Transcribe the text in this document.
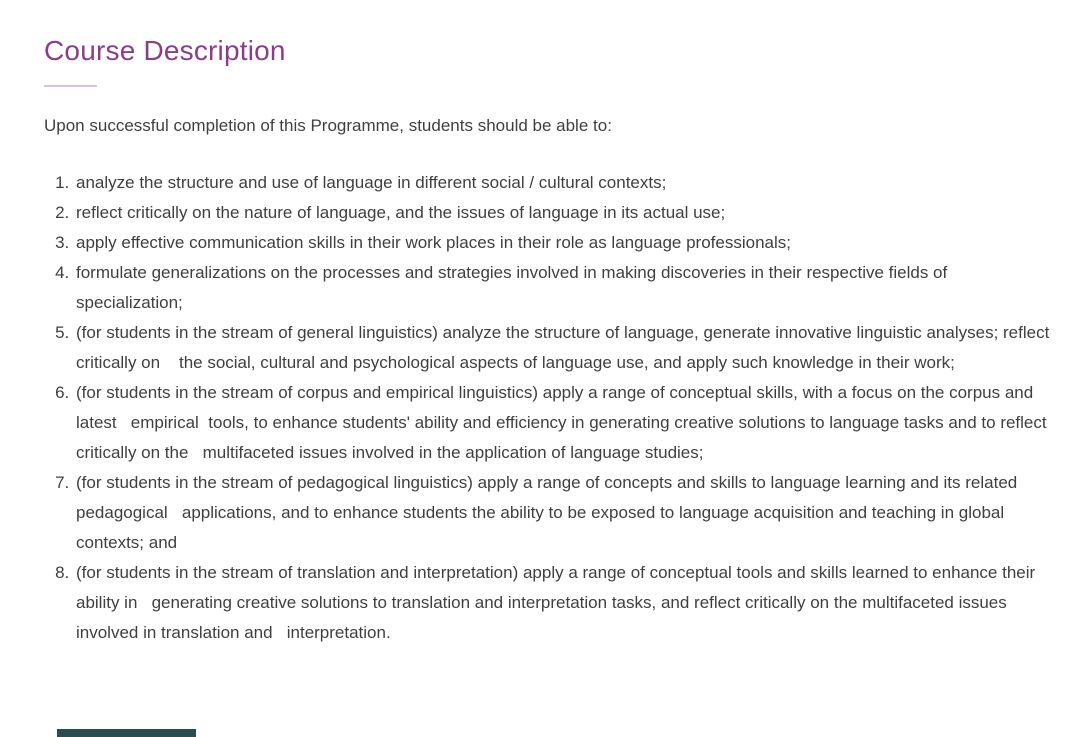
Course Description

Upon successful completion of this Programme, students should be able to:

1. analyze the structure and use of language in different social / cultural contexts;
2. reflect critically on the nature of language, and the issues of language in its actual use;
3. apply effective communication skills in their work places in their role as language professionals;
4. formulate generalizations on the processes and strategies involved in making discoveries in their respective fields of specialization;
5. (for students in the stream of general linguistics) analyze the structure of language, generate innovative linguistic analyses; reflect critically on    the social, cultural and psychological aspects of language use, and apply such knowledge in their work;
6. (for students in the stream of corpus and empirical linguistics) apply a range of conceptual skills, with a focus on the corpus and latest   empirical  tools, to enhance students' ability and efficiency in generating creative solutions to language tasks and to reflect critically on the   multifaceted issues involved in the application of language studies;
7. (for students in the stream of pedagogical linguistics) apply a range of concepts and skills to language learning and its related pedagogical   applications, and to enhance students the ability to be exposed to language acquisition and teaching in global contexts; and
8. (for students in the stream of translation and interpretation) apply a range of conceptual tools and skills learned to enhance their ability in   generating creative solutions to translation and interpretation tasks, and reflect critically on the multifaceted issues involved in translation and   interpretation.
